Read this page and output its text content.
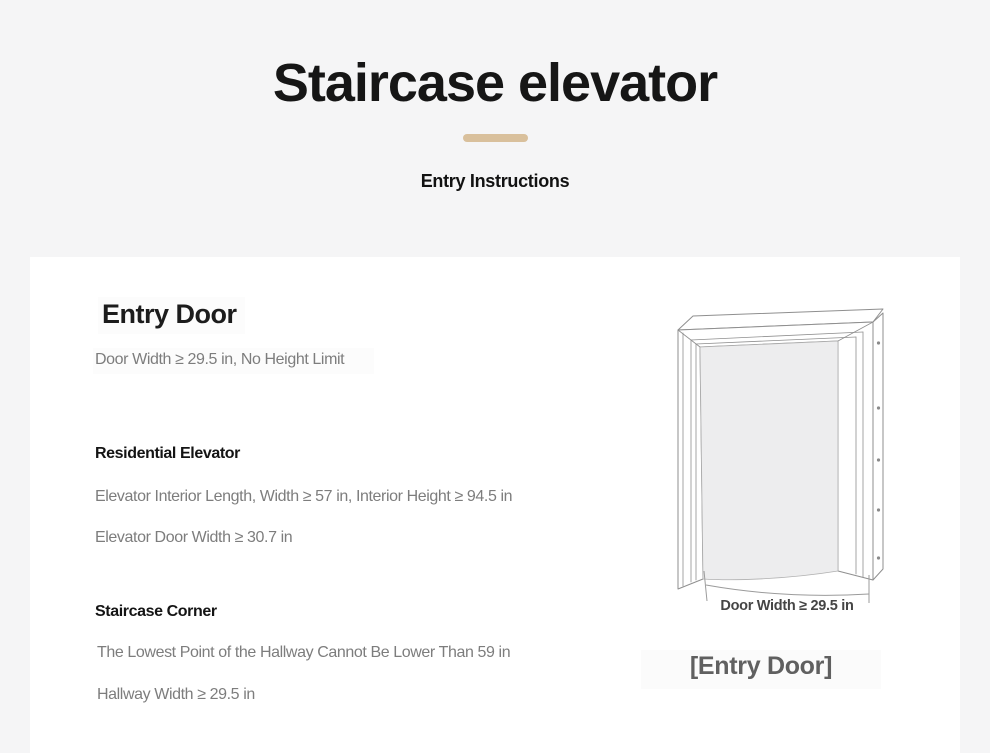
Staircase elevator
Entry Instructions
Entry Door
Door Width ≥ 29.5 in, No Height Limit
Residential Elevator
Elevator Interior Length, Width ≥ 57 in, Interior Height ≥ 94.5 in
Elevator Door Width ≥ 30.7 in
Staircase Corner
The Lowest Point of the Hallway Cannot Be Lower Than 59 in
Hallway Width ≥ 29.5 in
Door Width ≥ 29.5 in
[Entry Door]
